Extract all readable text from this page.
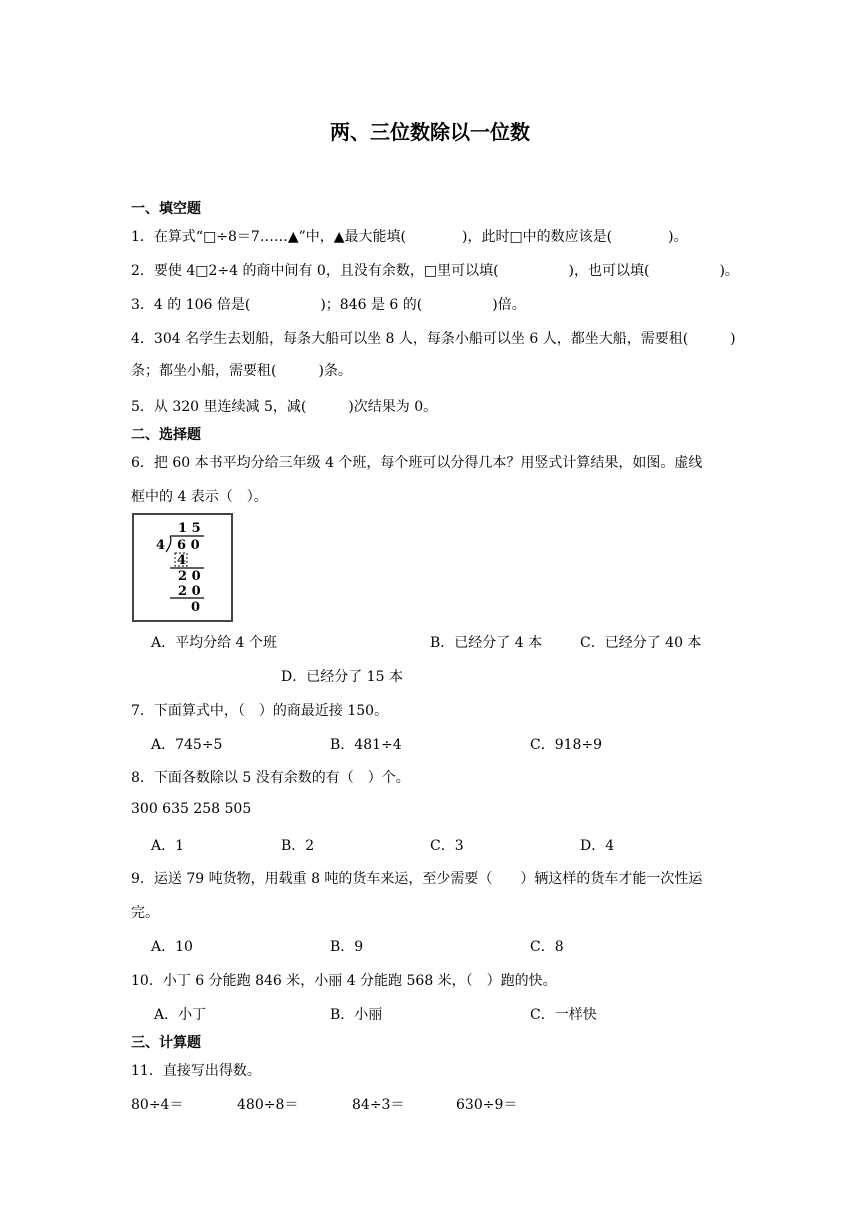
两、三位数除以一位数
一、填空题
1．在算式“□÷8＝7……▲”中，▲最大能填(　　　　)，此时□中的数应该是(　　　　)。
2．要使 4□2÷4 的商中间有 0，且没有余数，□里可以填(　　　　　)，也可以填(　　　　　)。
3．4 的 106 倍是(　　　　　)；846 是 6 的(　　　　　)倍。
4．304 名学生去划船，每条大船可以坐 8 人，每条小船可以坐 6 人，都坐大船，需要租(　　　)
条；都坐小船，需要租(　　　)条。
5．从 320 里连续减 5，减(　　　)次结果为 0。
二、选择题
6．把 60 本书平均分给三年级 4 个班，每个班可以分得几本？用竖式计算结果，如图。虚线
框中的 4 表示（　）。
1 5
4 6 0
4
2 0
2 0
0
A．平均分给 4 个班	B．已经分了 4 本	C．已经分了 40 本
D．已经分了 15 本
7．下面算式中，（　）的商最近接 150。
A．745÷5	B．481÷4	C．918÷9
8．下面各数除以 5 没有余数的有（　）个。
300 635 258 505
A．1	B．2	C．3	D．4
9．运送 79 吨货物，用载重 8 吨的货车来运，至少需要（　　）辆这样的货车才能一次性运
完。
A．10	B．9	C．8
10．小丁 6 分能跑 846 米，小丽 4 分能跑 568 米，（　）跑的快。
A．小丁	B．小丽	C．一样快
三、计算题
11．直接写出得数。
80÷4＝	480÷8＝	84÷3＝	630÷9＝
